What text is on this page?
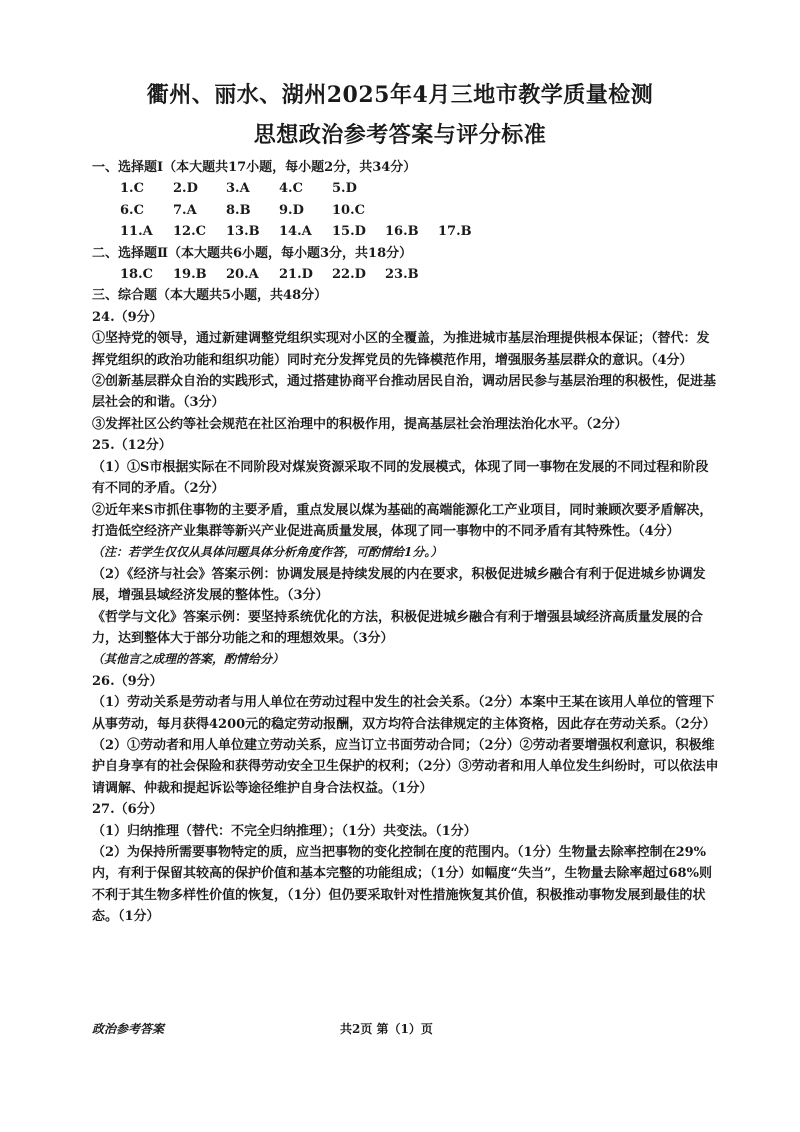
衢州、丽水、湖州2025年4月三地市教学质量检测
思想政治参考答案与评分标准

一、选择题Ⅰ（本大题共17小题，每小题2分，共34分）

1.C	2.D	3.A	4.C	5.D
6.C	7.A	8.B	9.D	10.C
11.A	12.C	13.B	14.A	15.D	16.B	17.B

二、选择题Ⅱ（本大题共6小题，每小题3分，共18分）

18.C	19.B	20.A	21.D	22.D	23.B

三、综合题（本大题共5小题，共48分）

24.（9分）

①坚持党的领导，通过新建调整党组织实现对小区的全覆盖，为推进城市基层治理提供根本保证；（替代：发挥党组织的政治功能和组织功能）同时充分发挥党员的先锋模范作用，增强服务基层群众的意识。（4分）

②创新基层群众自治的实践形式，通过搭建协商平台推动居民自治，调动居民参与基层治理的积极性，促进基层社会的和谐。（3分）

③发挥社区公约等社会规范在社区治理中的积极作用，提高基层社会治理法治化水平。（2分）

25.（12分）

（1）①S市根据实际在不同阶段对煤炭资源采取不同的发展模式，体现了同一事物在发展的不同过程和阶段有不同的矛盾。（2分）

②近年来S市抓住事物的主要矛盾，重点发展以煤为基础的高端能源化工产业项目，同时兼顾次要矛盾解决，打造低空经济产业集群等新兴产业促进高质量发展，体现了同一事物中的不同矛盾有其特殊性。（4分）

（注：若学生仅仅从具体问题具体分析角度作答，可酌情给1分。）

（2）《经济与社会》答案示例：协调发展是持续发展的内在要求，积极促进城乡融合有利于促进城乡协调发展，增强县域经济发展的整体性。（3分）

《哲学与文化》答案示例：要坚持系统优化的方法，积极促进城乡融合有利于增强县域经济高质量发展的合力，达到整体大于部分功能之和的理想效果。（3分）

（其他言之成理的答案，酌情给分）

26.（9分）

（1）劳动关系是劳动者与用人单位在劳动过程中发生的社会关系。（2分）本案中王某在该用人单位的管理下从事劳动，每月获得4200元的稳定劳动报酬，双方均符合法律规定的主体资格，因此存在劳动关系。（2分）

（2）①劳动者和用人单位建立劳动关系，应当订立书面劳动合同；（2分）②劳动者要增强权利意识，积极维护自身享有的社会保险和获得劳动安全卫生保护的权利；（2分）③劳动者和用人单位发生纠纷时，可以依法申请调解、仲裁和提起诉讼等途径维护自身合法权益。（1分）

27.（6分）

（1）归纳推理（替代：不完全归纳推理）；（1分）共变法。（1分）

（2）为保持所需要事物特定的质，应当把事物的变化控制在度的范围内。（1分）生物量去除率控制在29%内，有利于保留其较高的保护价值和基本完整的功能组成；（1分）如幅度“失当”，生物量去除率超过68%则不利于其生物多样性价值的恢复，（1分）但仍要采取针对性措施恢复其价值，积极推动事物发展到最佳的状态。（1分）

政治参考答案	共2页 第（1）页
